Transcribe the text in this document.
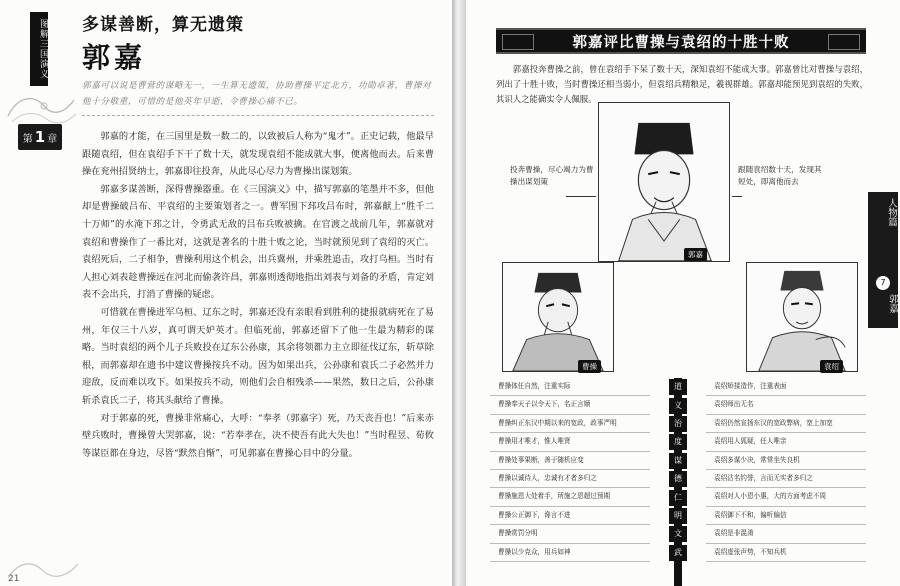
图解三国演义
第 1 章
多谋善断，算无遗策
郭嘉
郭嘉可以说是曹营的谋略无一，一生算无遗策，协助曹操平定北方，功勋卓著，曹操对他十分敬重，可惜的是他英年早逝，令曹操心痛不已。

郭嘉的才能，在三国里是数一数二的，以致被后人称为“鬼才”。正史记载，他最早跟随袁绍，但在袁绍手下干了数十天，就发现袁绍不能成就大事，便离他而去。后来曹操在兖州招贤纳士，郭嘉即往投奔，从此尽心尽力为曹操出谋划策。

郭嘉多谋善断，深得曹操器重。在《三国演义》中，描写郭嘉的笔墨并不多，但他却是曹操破吕布、平袁绍的主要策划者之一。曹军围下邳攻吕布时，郭嘉献上“胜千二十万师”的水淹下邳之计，令勇武无敌的吕布兵败被擒。在官渡之战前几年，郭嘉就对袁绍和曹操作了一番比对，这就是著名的十胜十败之论，当时就预见到了袁绍的灭亡。袁绍死后，二子相争，曹操利用这个机会，出兵冀州，并乘胜追击，攻打乌桓。当时有人担心刘表趁曹操远在河北而偷袭许昌，郭嘉则透彻地指出刘表与刘备的矛盾，肯定刘表不会出兵，打消了曹操的疑虑。

可惜就在曹操进军乌桓、辽东之时，郭嘉还没有亲眼看到胜利的捷报就病死在了易州，年仅三十八岁，真可谓天妒英才。但临死前，郭嘉还留下了他一生最为精彩的谋略。当时袁绍的两个儿子兵败投在辽东公孙康，其余将领都力主立即征伐辽东，斩草除根，而郭嘉却在遗书中建议曹操按兵不动。因为如果出兵，公孙康和袁氏二子必然并力迎敌，反而难以攻下。如果按兵不动，则他们会自相残杀——果然，数日之后，公孙康斩杀袁氏二子，将其头献给了曹操。

对于郭嘉的死，曹操非常痛心，大呼：“奉孝（郭嘉字）死，乃天丧吾也！”后来赤壁兵败时，曹操曾大哭郭嘉，说：“若奉孝在，决不使吾有此大失也！”当时程昱、荀攸等谋臣都在身边，尽皆“默然自惭”，可见郭嘉在曹操心目中的分量。

21
郭嘉评比曹操与袁绍的十胜十败
郭嘉投奔曹操之前，曾在袁绍手下呆了数十天，深知袁绍不能成大事。郭嘉曾比对曹操与袁绍，列出了十胜十败，当时曹操还相当弱小，但袁绍兵精粮足，羲视群雄。郭嘉却能预见到袁绍的失败，其识人之能确实令人佩服。
人物篇
7
郭嘉
郭嘉
曹操	袁绍
投奔曹操，尽心竭力为曹操出谋划策
跟随袁绍数十天，发现其短处，即离他而去
曹操体任自然，注重实际
曹操奉天子以令天下，名正言顺
曹操纠正东汉中期以来的宽政，政事严明
曹操用才唯才，惟人唯贤
曹操处事果断，善于随机应变
曹操以诚待人，忠诚有才者多归之
曹操施恩大处着手，所施之恩超过预期
曹操公正御下，谗言不进
曹操赏罚分明
曹操以少克众，用兵如神
道
义
治
度
谋
德
仁
明
文
武
袁绍矫揉造作，注重表面
袁绍师出无名
袁绍仍然宣扬东汉的宽政弊病，宽上加宽
袁绍用人狐疑，任人唯亲
袁绍多谋少决，常常坐失良机
袁绍沽名钓誉，言而无实者多归之
袁绍对人小恩小惠，大的方面考虑不周
袁绍御下不和，偏听偏信
袁绍是非混淆
袁绍虚张声势，不知兵机
